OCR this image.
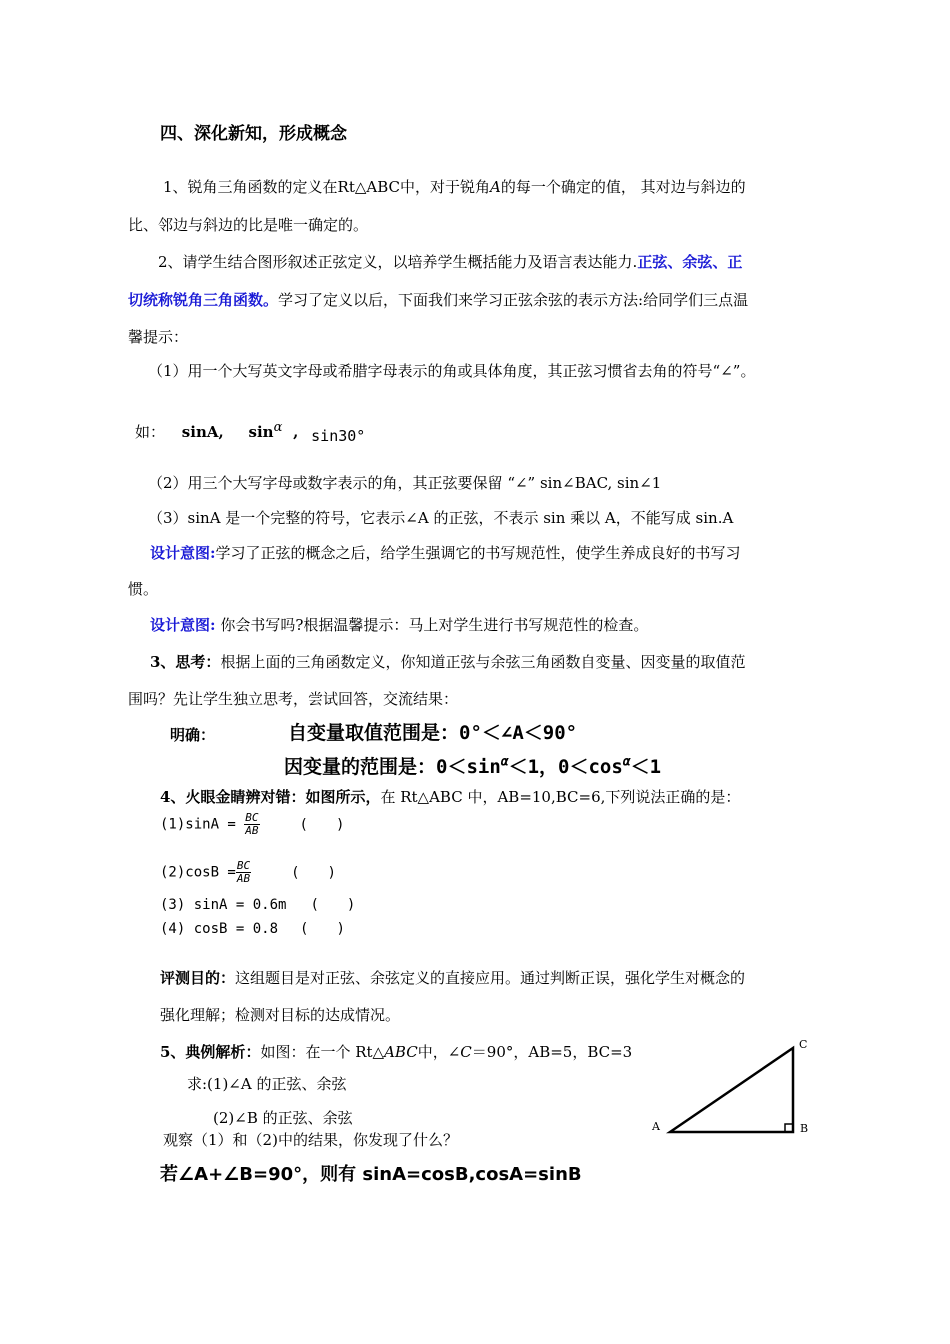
四、深化新知，形成概念
1、锐角三角函数的定义在Rt△ABC中，对于锐角A的每一个确定的值， 其对边与斜边的
比、邻边与斜边的比是唯一确定的。
2、请学生结合图形叙述正弦定义，以培养学生概括能力及语言表达能力.正弦、余弦、正
切统称锐角三角函数。学习了定义以后，下面我们来学习正弦余弦的表示方法:给同学们三点温
馨提示：
（1）用一个大写英文字母或希腊字母表示的角或具体角度，其正弦习惯省去角的符号“∠”。
如： sinA, $\sin^\alpha$ , sin30°
（2）用三个大写字母或数字表示的角，其正弦要保留 “∠” sin∠BAC, sin∠1
（3）sinA 是一个完整的符号，它表示∠A 的正弦，不表示 sin 乘以 A，不能写成 sin.A
设计意图:学习了正弦的概念之后，给学生强调它的书写规范性，使学生养成良好的书写习
惯。
设计意图: 你会书写吗?根据温馨提示：马上对学生进行书写规范性的检查。
3、思考：根据上面的三角函数定义，你知道正弦与余弦三角函数自变量、因变量的取值范
围吗？先让学生独立思考，尝试回答，交流结果：
明确：	自变量取值范围是：0°＜∠A＜90°
因变量的范围是：$0<\sin^\alpha<1$，$0<\cos^\alpha<1$
4、火眼金睛辨对错：如图所示，在 Rt△ABC 中，AB=10,BC=6,下列说法正确的是：
$(1)\sin A = \frac{BC}{AB}$	(　　)
$(2)\cos B = \frac{BC}{AB}$	(　　)
(3) sinA = 0.6m (　　)
(4) cosB = 0.8 (　　)
评测目的：这组题目是对正弦、余弦定义的直接应用。通过判断正误，强化学生对概念的
强化理解；检测对目标的达成情况。
5、典例解析：如图：在一个 Rt△ABC中，∠C＝90°，AB=5，BC=3
求:(1)∠A 的正弦、余弦
(2)∠B 的正弦、余弦
观察（1）和（2)中的结果，你发现了什么？
若∠A+∠B=90°，则有 sinA=cosB,cosA=sinB
A	B
C
